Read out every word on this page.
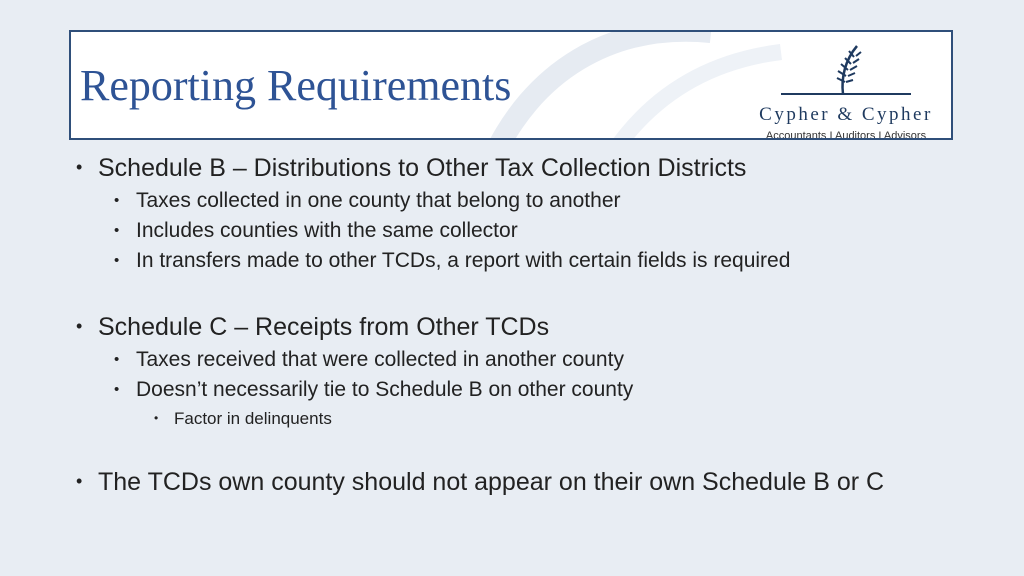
Reporting Requirements
Cypher & Cypher
Accountants I Auditors I Advisors
• Schedule B – Distributions to Other Tax Collection Districts
• Taxes collected in one county that belong to another
• Includes counties with the same collector
• In transfers made to other TCDs, a report with certain fields is required
• Schedule C – Receipts from Other TCDs
• Taxes received that were collected in another county
• Doesn’t necessarily tie to Schedule B on other county
• Factor in delinquents
• The TCDs own county should not appear on their own Schedule B or C
